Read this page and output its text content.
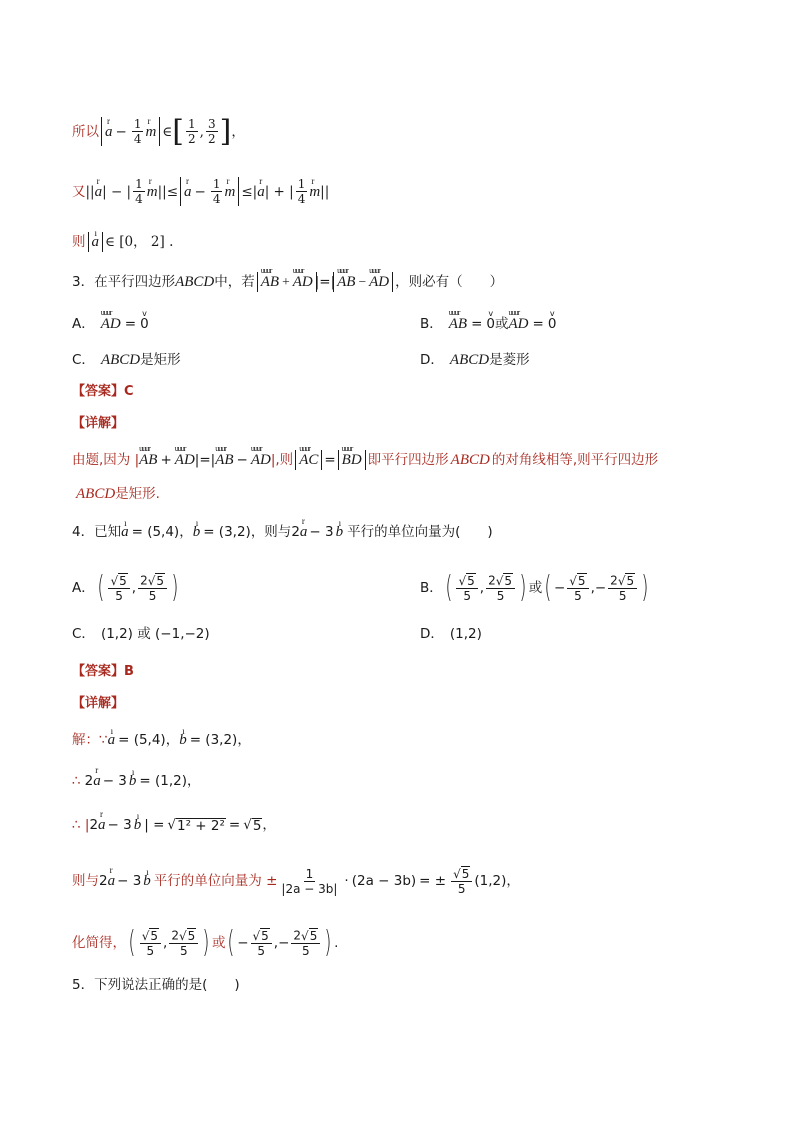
所以 r $a - \frac{1}{4}$ r m ∈ [ $\frac{1}{2}$ , $\frac{3}{2}$ ] ，
又 || r a | − | $\frac{1}{4}$ r m ||≤ r $a - \frac{1}{4}$ r m ≤| r a | + | $\frac{1}{4}$ r m ||
则 ı a ∈ [0， 2] .
3．在平行四边形 ABCD 中，若 uuur AB + uuur AD |=| uuur AB − uuur AD ，则必有（　　）
A． uuur AD = v 0	B． uuur AB = v 0 或 uuur AD = v 0
C． ABCD 是矩形	D． ABCD 是菱形
【答案】C
【详解】
由题,因为 | uuur AB + uuur AD |=| uuur AB − uuur AD |,则 uuur AC = uuur BD 即平行四边形 ABCD 的对角线相等,则平行四边形
ABCD 是矩形.
4．已知 ı a = (5,4) ， ı b = (3,2) ，则与 2 r a − 3 ı b 平行的单位向量为(　　)
A． ( $\frac{√ 5}{5}$ , $\frac{2 √ 5}{5}$ )	B． ( $\frac{√ 5}{5}$ , $\frac{2 √ 5}{5}$ ) 或 ( − $\frac{√ 5}{5}$ , − $\frac{2 √ 5}{5}$ )
C． (1,2) 或 (−1,−2)	D． (1,2)
【答案】B
【详解】
解：∵ ı a = (5,4) ， ı b = (3,2) ，
∴ 2 r a − 3 ı b = (1,2) ，
∴ | 2 r a − 3 ı b | = √ 1² + 2² = √ 5 ，
则与 2 r a − 3 ı b 平行的单位向量为 ± $\frac{1}{|2a - 3b|} \cdot (2a - 3b)$ = ± $\frac{√ 5}{5} (1,2)$ ，
化简得， ( $\frac{√ 5}{5}$ , $\frac{2 √ 5}{5}$ ) 或 ( − $\frac{√ 5}{5}$ , − $\frac{2 √ 5}{5}$ ) .
5．下列说法正确的是(　　)
